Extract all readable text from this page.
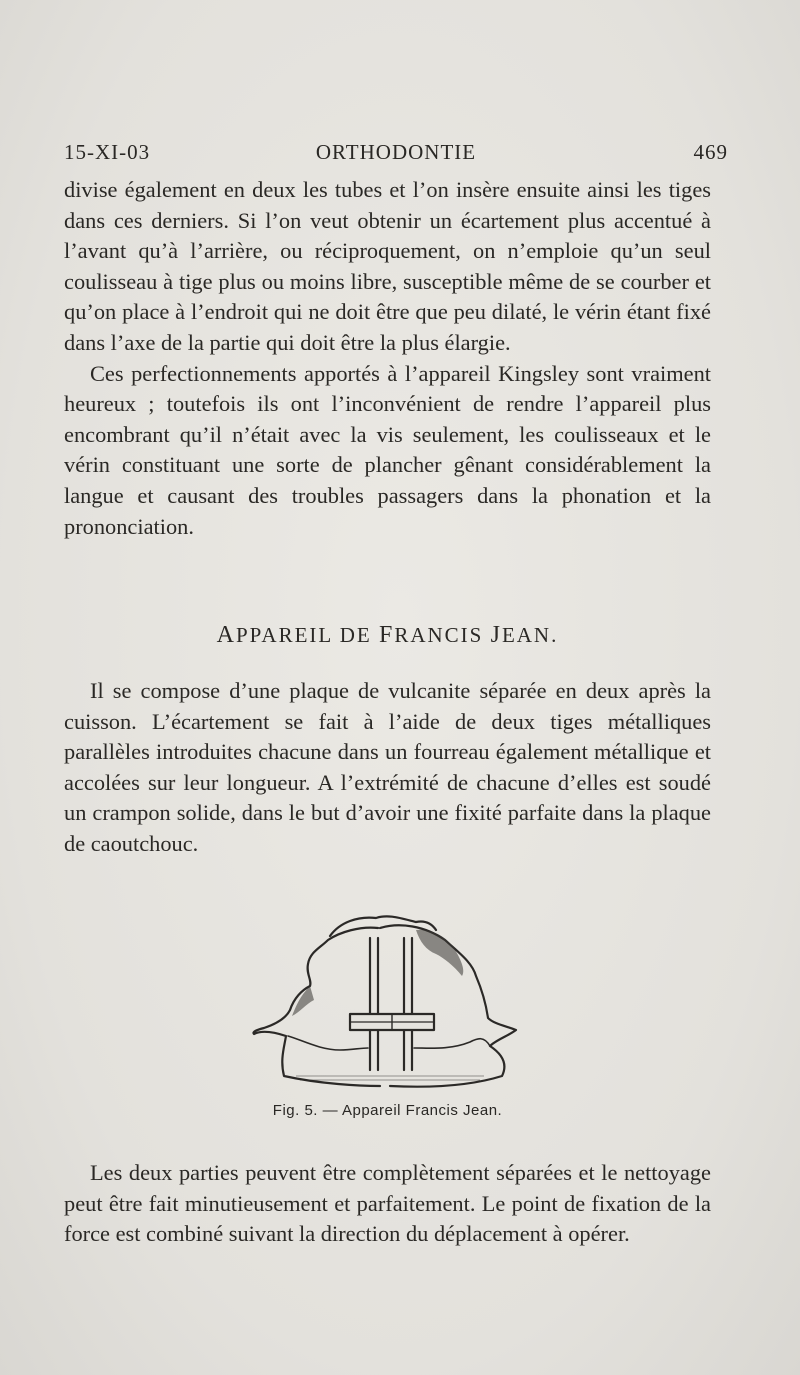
15-XI-03	ORTHODONTIE	469

divise également en deux les tubes et l’on insère ensuite ainsi les tiges dans ces derniers. Si l’on veut obtenir un écartement plus accentué à l’avant qu’à l’arrière, ou réciproquement, on n’emploie qu’un seul coulisseau à tige plus ou moins libre, susceptible même de se courber et qu’on place à l’endroit qui ne doit être que peu dilaté, le vérin étant fixé dans l’axe de la partie qui doit être la plus élargie.

Ces perfectionnements apportés à l’appareil Kingsley sont vraiment heureux ; toutefois ils ont l’inconvénient de rendre l’appareil plus encombrant qu’il n’était avec la vis seulement, les coulisseaux et le vérin constituant une sorte de plancher gênant considérablement la langue et causant des troubles passagers dans la phonation et la prononciation.

APPAREIL DE FRANCIS JEAN.

Il se compose d’une plaque de vulcanite séparée en deux après la cuisson. L’écartement se fait à l’aide de deux tiges métalliques parallèles introduites chacune dans un fourreau également métallique et accolées sur leur longueur. A l’extrémité de chacune d’elles est soudé un crampon solide, dans le but d’avoir une fixité parfaite dans la plaque de caoutchouc.

Fig. 5. — Appareil Francis Jean.

Les deux parties peuvent être complètement séparées et le nettoyage peut être fait minutieusement et parfaitement. Le point de fixation de la force est combiné suivant la direction du déplacement à opérer.
